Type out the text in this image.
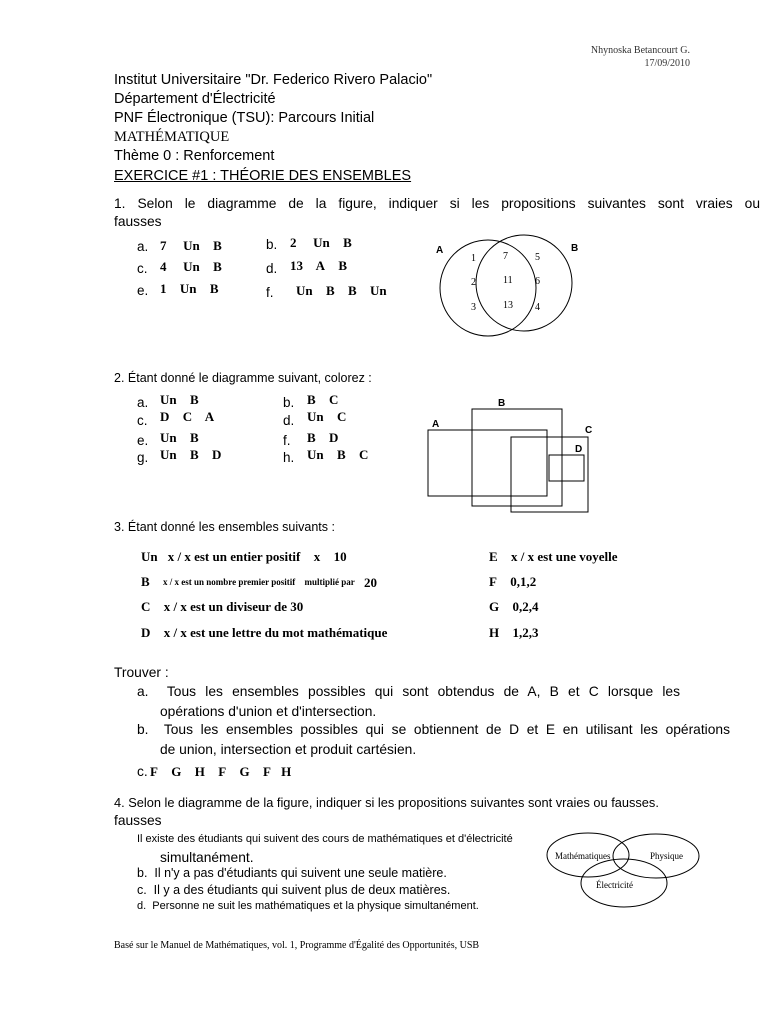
Nhynoska Betancourt G.
17/09/2010
Institut Universitaire "Dr. Federico Rivero Palacio"
Département d'Électricité
PNF Électronique (TSU): Parcours Initial
MATHÉMATIQUE
Thème 0 : Renforcement
EXERCICE #1 : THÉORIE DES ENSEMBLES
1. Selon le diagramme de la figure, indiquer si les propositions suivantes sont vraies ou
fausses
a. 7   Un  B	b. 2   Un  B
c. 4   Un  B	d. 13  A  B
e. 1  Un  B	f. Un  B  B  Un
A	B
1
2
3
7
11
13
5
6
4
2. Étant donné le diagramme suivant, colorez :
a. Un  B	b. B  C
c. D  C  A	d. Un  C
e. Un  B	f. B  D
g. Un  B  D	h. Un  B  C 
A
B
C
D
3. Étant donné les ensembles suivants :
Un x / x est un entier positif  x  10	 	E  x / x est une voyelle  
B  x / x est un nombre premier positif  multiplié par   20	F  0,1,2  
C  x / x est un diviseur de 30  	G  0,2,4  
D  x / x est une lettre du mot mathématique	  H  1,2,3  
Trouver :
a.  Tous les ensembles possibles qui sont obtendus de A, B et C lorsque les
opérations d'union et d'intersection.
b.  Tous les ensembles possibles qui se obtiennent de D et E en utilisant les opérations
de union, intersection et produit cartésien.
c. F  G  H  F  G  F H
4. Selon le diagramme de la figure, indiquer si les propositions suivantes sont vraies ou fausses.
fausses
Il existe des étudiants qui suivent des cours de mathématiques et d'électricité
simultanément.
b.  Il n'y a pas d'étudiants qui suivent une seule matière.
c.  Il y a des étudiants qui suivent plus de deux matières.
d.  Personne ne suit les mathématiques et la physique simultanément.
Mathématiques	Physique
Électricité
Basé sur le Manuel de Mathématiques, vol. 1, Programme d'Égalité des Opportunités, USB
